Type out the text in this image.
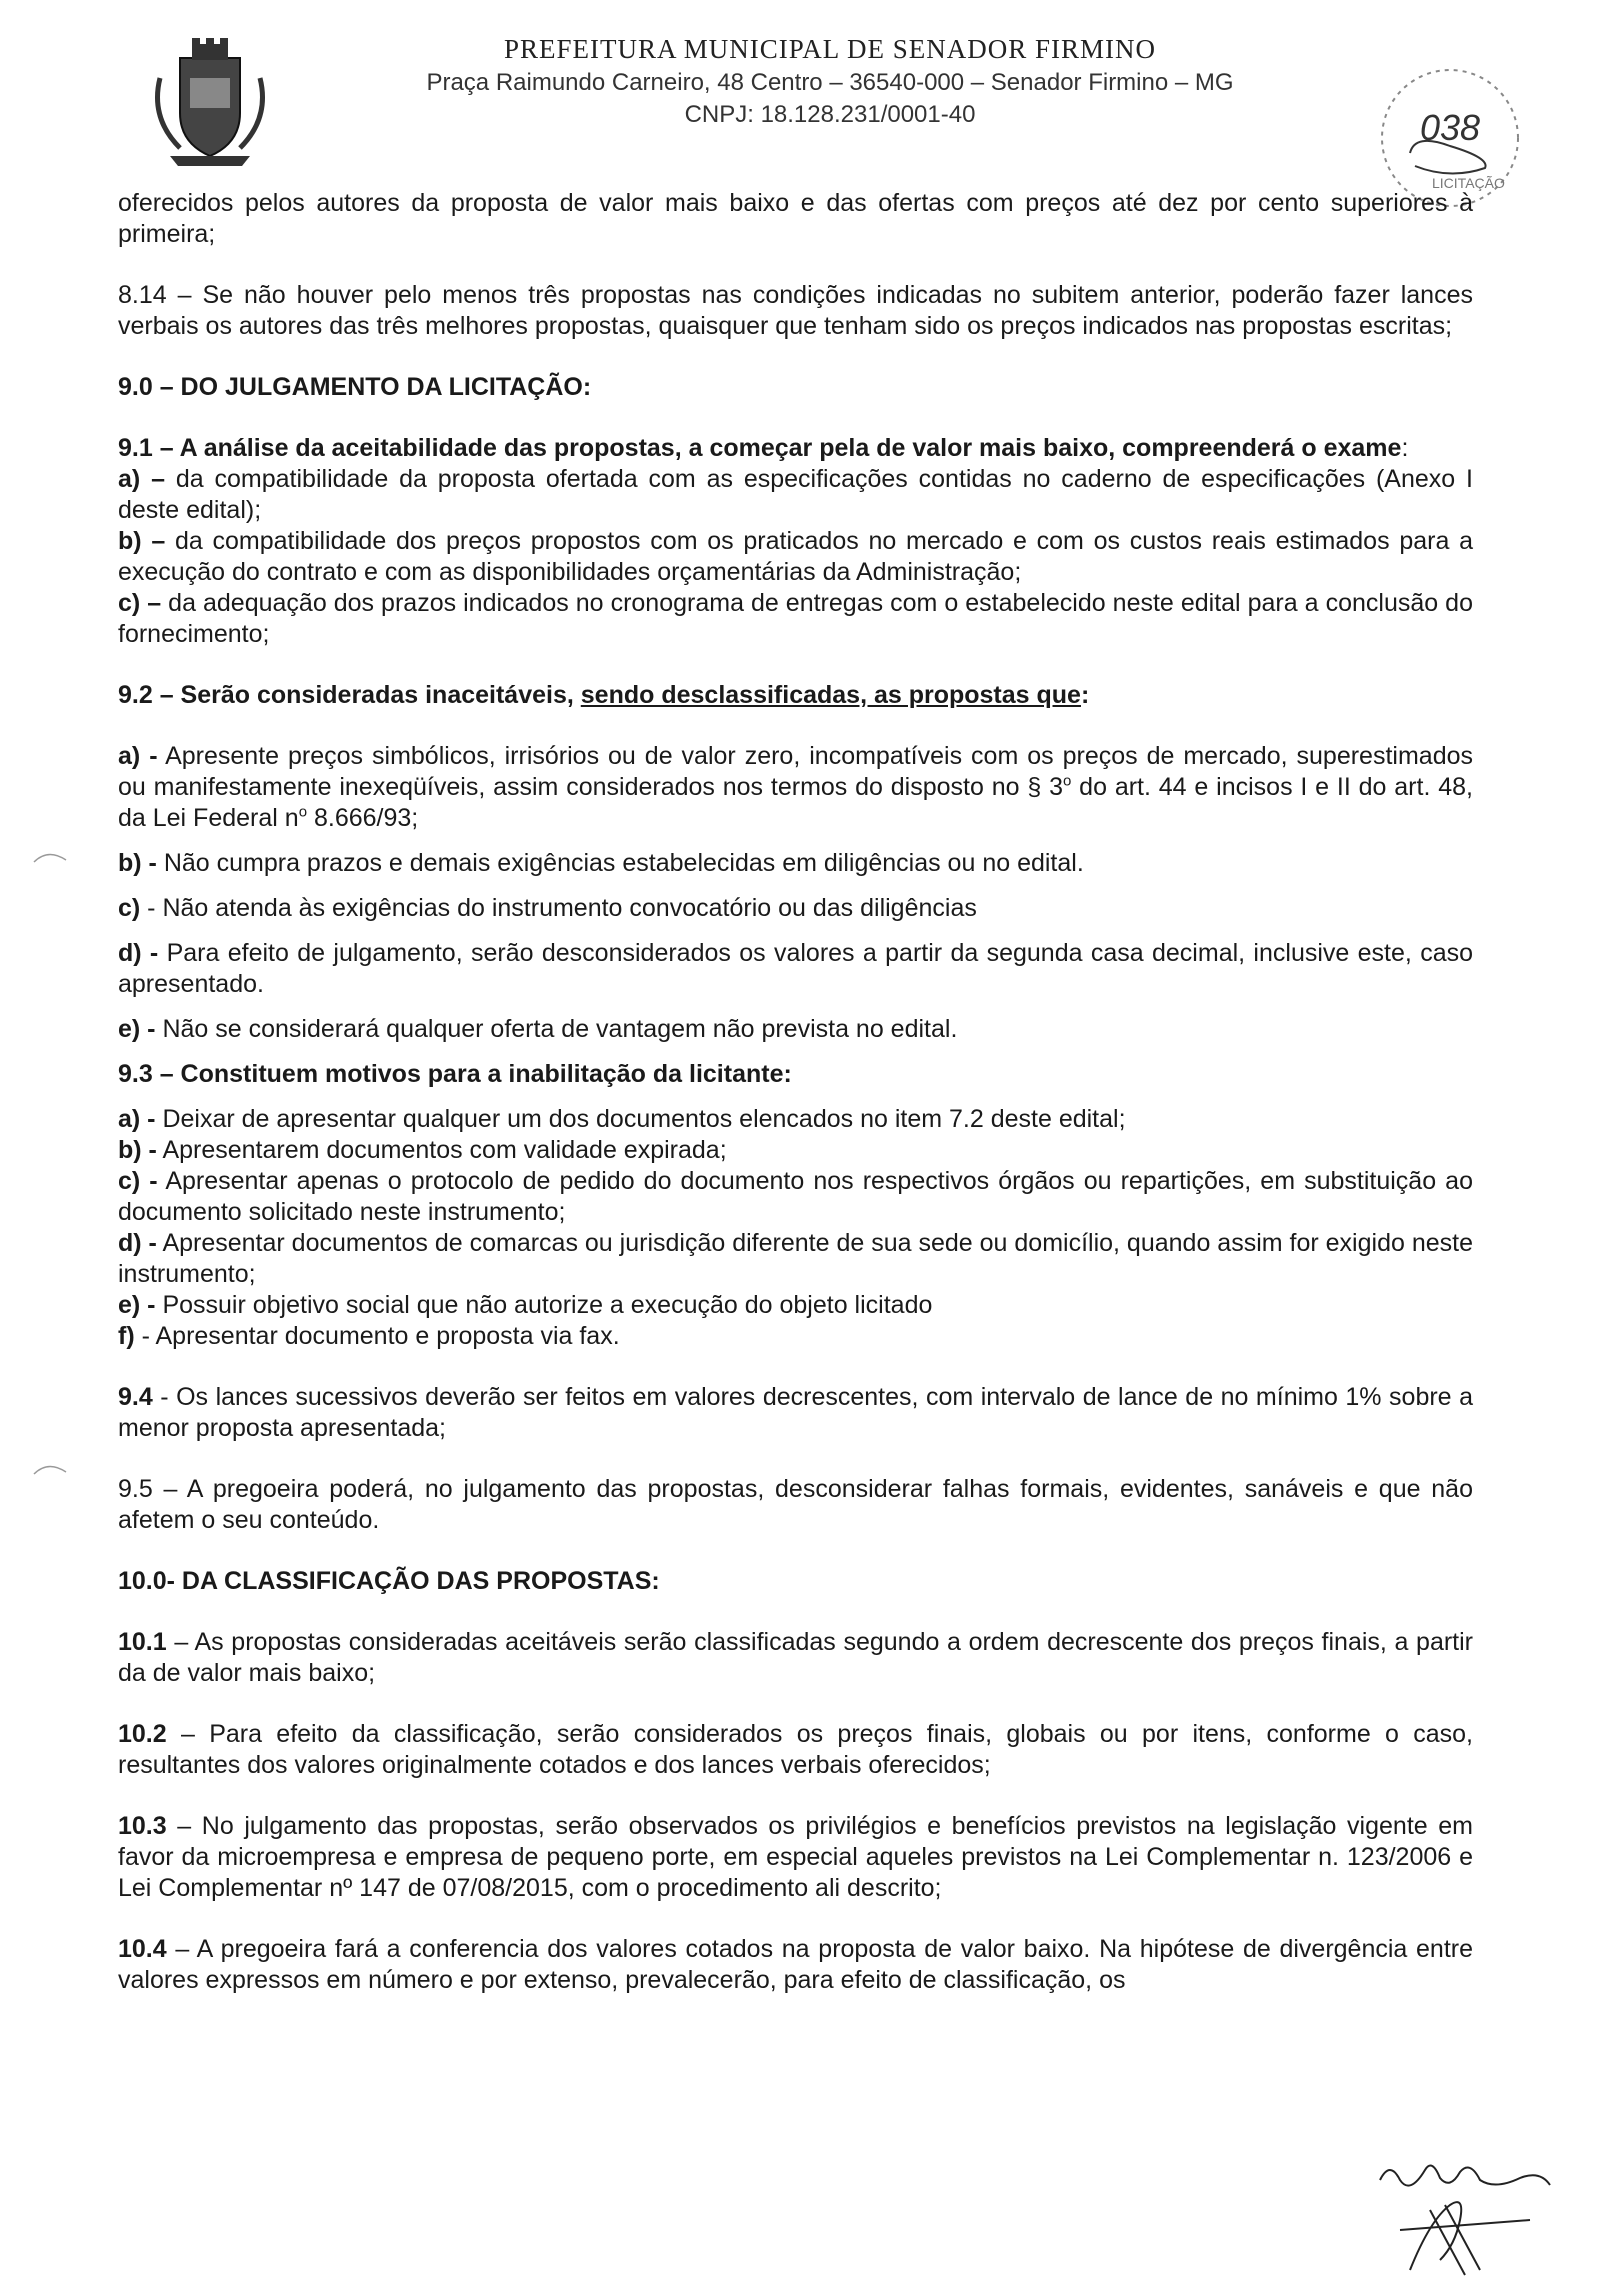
PREFEITURA MUNICIPAL DE SENADOR FIRMINO
Praça Raimundo Carneiro, 48 Centro – 36540-000 – Senador Firmino – MG
CNPJ: 18.128.231/0001-40	038
LICITAÇÃO

oferecidos pelos autores da proposta de valor mais baixo e das ofertas com preços até dez por cento superiores à primeira;

8.14 – Se não houver pelo menos três propostas nas condições indicadas no subitem anterior, poderão fazer lances verbais os autores das três melhores propostas, quaisquer que tenham sido os preços indicados nas propostas escritas;

9.0 – DO JULGAMENTO DA LICITAÇÃO:

9.1 – A análise da aceitabilidade das propostas, a começar pela de valor mais baixo, compreenderá o exame:

a) – da compatibilidade da proposta ofertada com as especificações contidas no caderno de especificações (Anexo I deste edital);

b) – da compatibilidade dos preços propostos com os praticados no mercado e com os custos reais estimados para a execução do contrato e com as disponibilidades orçamentárias da Administração;

c) – da adequação dos prazos indicados no cronograma de entregas com o estabelecido neste edital para a conclusão do fornecimento;

9.2 – Serão consideradas inaceitáveis, sendo desclassificadas, as propostas que:

a) - Apresente preços simbólicos, irrisórios ou de valor zero, incompatíveis com os preços de mercado, superestimados ou manifestamente inexeqüíveis, assim considerados nos termos do disposto no § 3$^o$ do art. 44 e incisos I e II do art. 48, da Lei Federal $n^o$ 8.666/93;

b) - Não cumpra prazos e demais exigências estabelecidas em diligências ou no edital.

c) - Não atenda às exigências do instrumento convocatório ou das diligências

d) - Para efeito de julgamento, serão desconsiderados os valores a partir da segunda casa decimal, inclusive este, caso apresentado.

e) - Não se considerará qualquer oferta de vantagem não prevista no edital.

9.3 – Constituem motivos para a inabilitação da licitante:

a) - Deixar de apresentar qualquer um dos documentos elencados no item 7.2 deste edital;

b) - Apresentarem documentos com validade expirada;

c) - Apresentar apenas o protocolo de pedido do documento nos respectivos órgãos ou repartições, em substituição ao documento solicitado neste instrumento;

d) - Apresentar documentos de comarcas ou jurisdição diferente de sua sede ou domicílio, quando assim for exigido neste instrumento;

e) - Possuir objetivo social que não autorize a execução do objeto licitado

f) - Apresentar documento e proposta via fax.

9.4 - Os lances sucessivos deverão ser feitos em valores decrescentes, com intervalo de lance de no mínimo 1% sobre a menor proposta apresentada;

9.5 – A pregoeira poderá, no julgamento das propostas, desconsiderar falhas formais, evidentes, sanáveis e que não afetem o seu conteúdo.

10.0- DA CLASSIFICAÇÃO DAS PROPOSTAS:

10.1 – As propostas consideradas aceitáveis serão classificadas segundo a ordem decrescente dos preços finais, a partir da de valor mais baixo;

10.2 – Para efeito da classificação, serão considerados os preços finais, globais ou por itens, conforme o caso, resultantes dos valores originalmente cotados e dos lances verbais oferecidos;

10.3 – No julgamento das propostas, serão observados os privilégios e benefícios previstos na legislação vigente em favor da microempresa e empresa de pequeno porte, em especial aqueles previstos na Lei Complementar n. 123/2006 e Lei Complementar nº 147 de 07/08/2015, com o procedimento ali descrito;

10.4 – A pregoeira fará a conferencia dos valores cotados na proposta de valor baixo. Na hipótese de divergência entre valores expressos em número e por extenso, prevalecerão, para efeito de classificação, os
